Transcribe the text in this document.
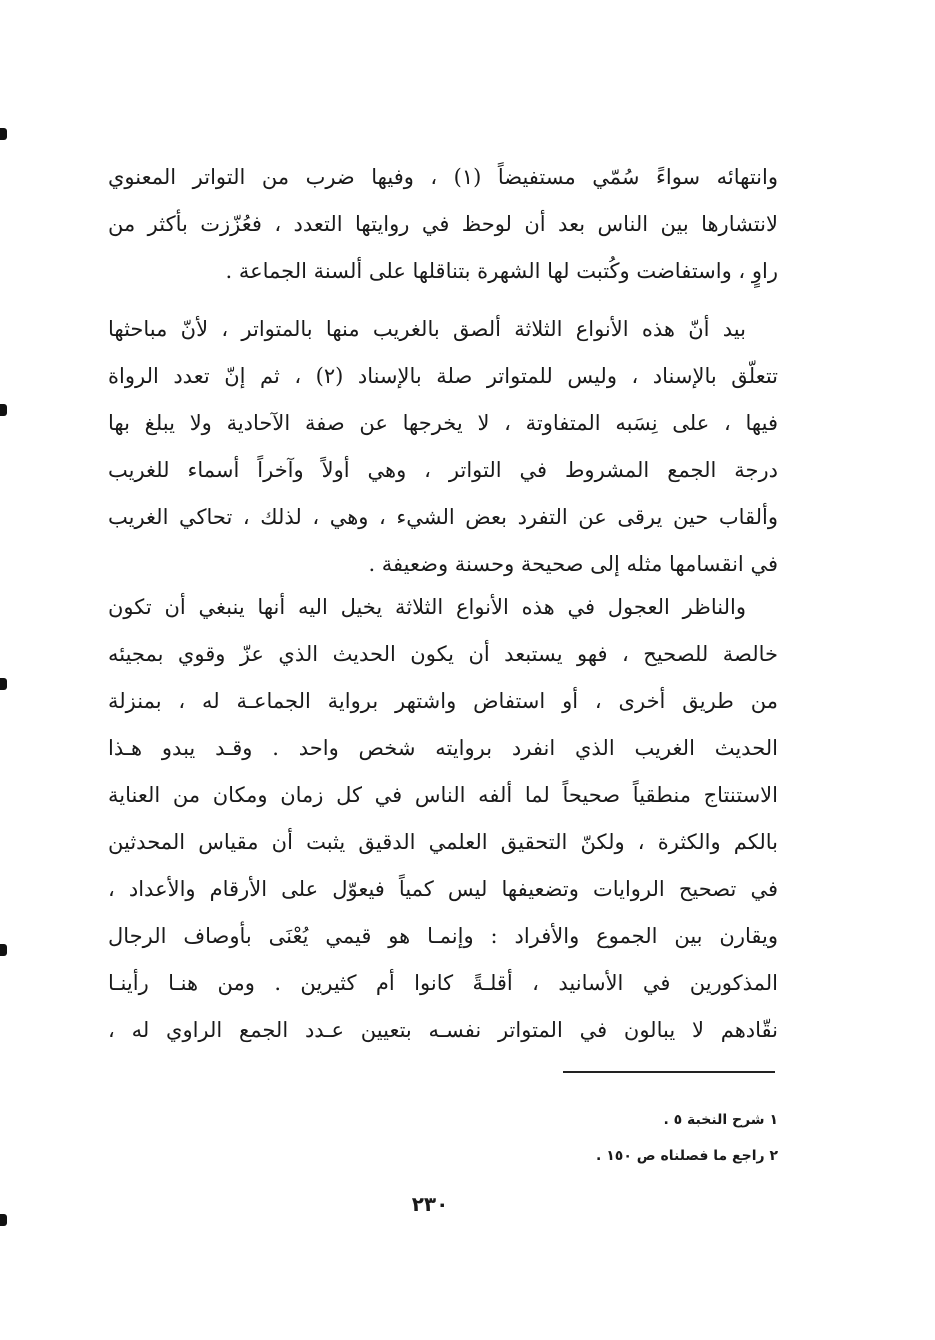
وانتهائه سواءً سُمّي مستفيضاً (١) ، وفيها ضرب من التواتر المعنوي
لانتشارها بين الناس بعد أن لوحظ في روايتها التعدد ، فعُزّزت بأكثر من
راوٍ ، واستفاضت وكُتبت لها الشهرة بتناقلها على ألسنة الجماعة .
بيد أنّ هذه الأنواع الثلاثة ألصق بالغريب منها بالمتواتر ، لأنّ مباحثها
تتعلّق بالإسناد ، وليس للمتواتر صلة بالإسناد (٢) ، ثم إنّ تعدد الرواة
فيها ، على نِسَبه المتفاوتة ، لا يخرجها عن صفة الآحادية ولا يبلغ بها
درجة الجمع المشروط في التواتر ، وهي أولاً وآخراً أسماء للغريب
وألقاب حين يرقى عن التفرد بعض الشيء ، وهي ، لذلك ، تحاكي الغريب
في انقسامها مثله إلى صحيحة وحسنة وضعيفة .
والناظر العجول في هذه الأنواع الثلاثة يخيل اليه أنها ينبغي أن تكون
خالصة للصحيح ، فهو يستبعد أن يكون الحديث الذي عزّ وقوي بمجيئه
من طريق أخرى ، أو استفاض واشتهر برواية الجماعـة له ، بمنزلة
الحديث الغريب الذي انفرد بروايته شخص واحد . وقـد يبدو هـذا
الاستنتاج منطقياً صحيحاً لما ألفه الناس في كل زمان ومكان من العناية
بالكم والكثرة ، ولكنّ التحقيق العلمي الدقيق يثبت أن مقياس المحدثين
في تصحيح الروايات وتضعيفها ليس كمياً فيعوّل على الأرقام والأعداد ،
ويقارن بين الجموع والأفراد : وإنمـا هو قيمي يُعْنَى بأوصاف الرجال
المذكورين في الأسانيد ، أقلـةً كانوا أم كثيرين . ومن هنـا رأينـا
نقّادهم لا يبالون في المتواتر نفسـه بتعيين عـدد الجمع الراوي له ،
١ شرح النخبة ٥ .
٢ راجع ما فصلناه ص ١٥٠ .
٢٣٠
